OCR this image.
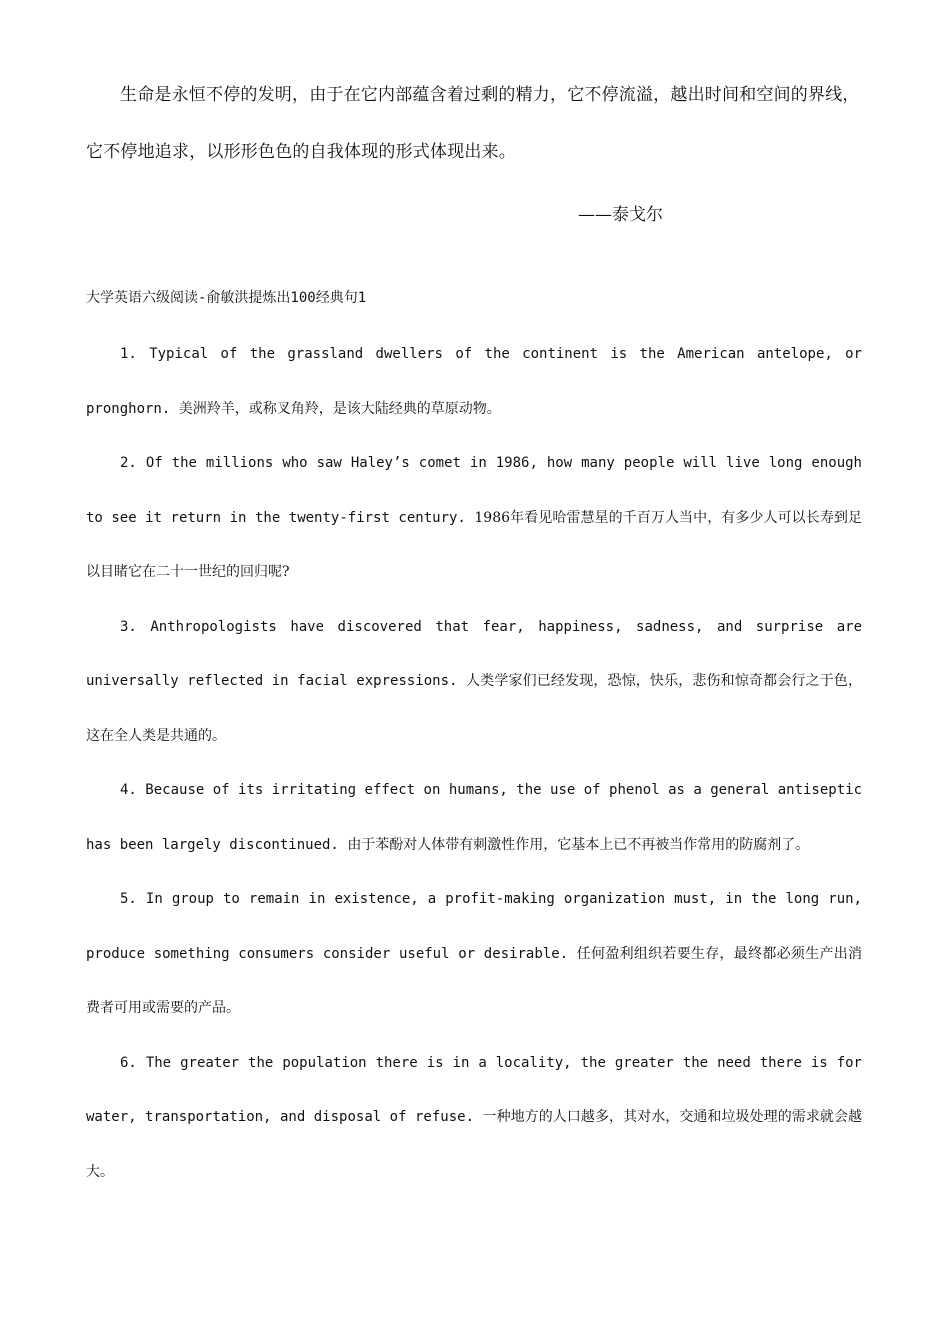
生命是永恒不停的发明，由于在它内部蕴含着过剩的精力，它不停流溢，越出时间和空间的界线，它不停地追求，以形形色色的自我体现的形式体现出来。

——泰戈尔

大学英语六级阅读-俞敏洪提炼出100经典句1

1. Typical of the grassland dwellers of the continent is the American antelope, or pronghorn. 美洲羚羊，或称叉角羚，是该大陆经典的草原动物。

2. Of the millions who saw Haley’s comet in 1986, how many people will live long enough to see it return in the twenty-first century. 1986年看见哈雷慧星的千百万人当中，有多少人可以长寿到足以目睹它在二十一世纪的回归呢?

3. Anthropologists have discovered that fear, happiness, sadness, and surprise are universally reflected in facial expressions. 人类学家们已经发现，恐惊，快乐，悲伤和惊奇都会行之于色，这在全人类是共通的。

4. Because of its irritating effect on humans, the use of phenol as a general antiseptic has been largely discontinued. 由于苯酚对人体带有刺激性作用，它基本上已不再被当作常用的防腐剂了。

5. In group to remain in existence, a profit-making organization must, in the long run, produce something consumers consider useful or desirable. 任何盈利组织若要生存，最终都必须生产出消费者可用或需要的产品。

6. The greater the population there is in a locality, the greater the need there is for water, transportation, and disposal of refuse. 一种地方的人口越多，其对水，交通和垃圾处理的需求就会越大。
